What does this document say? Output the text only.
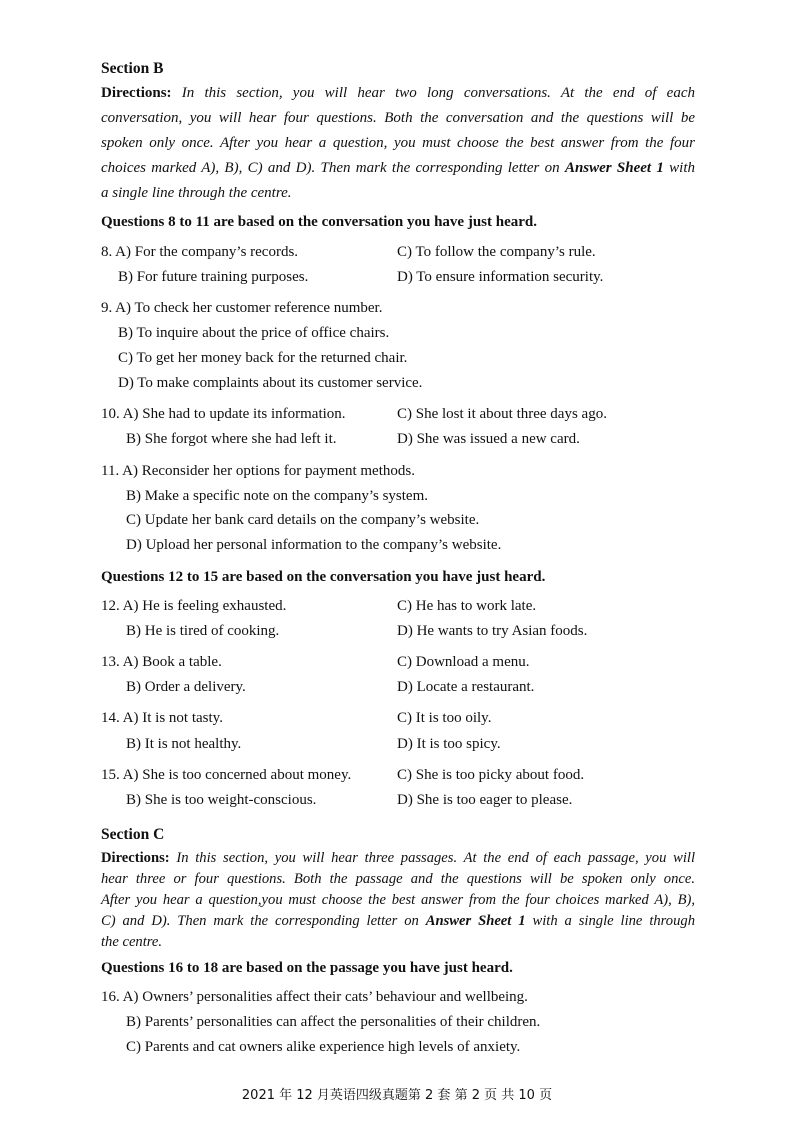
Section B
Directions: In this section, you will hear two long conversations. At the end of each
conversation, you will hear four questions. Both the conversation and the questions will be
spoken only once. After you hear a question, you must choose the best answer from the four
choices marked A), B), C) and D). Then mark the corresponding letter on Answer Sheet 1 with
a single line through the centre.
Questions 8 to 11 are based on the conversation you have just heard.
8. A) For the company’s records.	C) To follow the company’s rule.
B) For future training purposes.	D) To ensure information security.
9. A) To check her customer reference number.
B) To inquire about the price of office chairs.
C) To get her money back for the returned chair.
D) To make complaints about its customer service.
10. A) She had to update its information.	C) She lost it about three days ago.
B) She forgot where she had left it.	D) She was issued a new card.
11. A) Reconsider her options for payment methods.
B) Make a specific note on the company’s system.
C) Update her bank card details on the company’s website.
D) Upload her personal information to the company’s website.
Questions 12 to 15 are based on the conversation you have just heard.
12. A) He is feeling exhausted.	C) He has to work late.
B) He is tired of cooking.	D) He wants to try Asian foods.
13. A) Book a table.	C) Download a menu.
B) Order a delivery.	D) Locate a restaurant.
14. A) It is not tasty.	C) It is too oily.
B) It is not healthy.	D) It is too spicy.
15. A) She is too concerned about money.	C) She is too picky about food.
B) She is too weight-conscious.	D) She is too eager to please.
Section C
Directions: In this section, you will hear three passages. At the end of each passage, you will
hear three or four questions. Both the passage and the questions will be spoken only once.
After you hear a question,you must choose the best answer from the four choices marked A), B),
C) and D). Then mark the corresponding letter on Answer Sheet 1 with a single line through
the centre.
Questions 16 to 18 are based on the passage you have just heard.
16. A) Owners’ personalities affect their cats’ behaviour and wellbeing.
B) Parents’ personalities can affect the personalities of their children.
C) Parents and cat owners alike experience high levels of anxiety.
2021 年 12 月英语四级真题第 2 套 第 2 页 共 10 页
